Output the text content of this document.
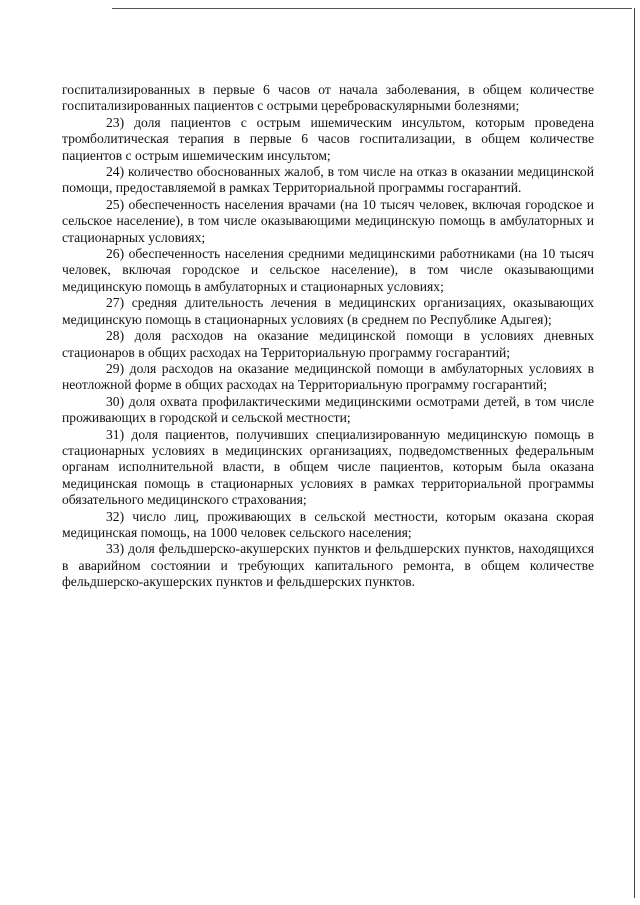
госпитализированных в первые 6 часов от начала заболевания, в общем количестве госпитализированных пациентов с острыми цереброваскулярными болезнями;

23) доля пациентов с острым ишемическим инсультом, которым проведена тромболитическая терапия в первые 6 часов госпитализации, в общем количестве пациентов с острым ишемическим инсультом;

24) количество обоснованных жалоб, в том числе на отказ в оказании медицинской помощи, предоставляемой в рамках Территориальной программы госгарантий.

25) обеспеченность населения врачами (на 10 тысяч человек, включая городское и сельское население), в том числе оказывающими медицинскую помощь в амбулаторных и стационарных условиях;

26) обеспеченность населения средними медицинскими работниками (на 10 тысяч человек, включая городское и сельское население), в том числе оказывающими медицинскую помощь в амбулаторных и стационарных условиях;

27) средняя длительность лечения в медицинских организациях, оказывающих медицинскую помощь в стационарных условиях (в среднем по Республике Адыгея);

28) доля расходов на оказание медицинской помощи в условиях дневных стационаров в общих расходах на Территориальную программу госгарантий;

29) доля расходов на оказание медицинской помощи в амбулаторных условиях в неотложной форме в общих расходах на Территориальную программу госгарантий;

30) доля охвата профилактическими медицинскими осмотрами детей, в том числе проживающих в городской и сельской местности;

31) доля пациентов, получивших специализированную медицинскую помощь в стационарных условиях в медицинских организациях, подведомственных федеральным органам исполнительной власти, в общем числе пациентов, которым была оказана медицинская помощь в стационарных условиях в рамках территориальной программы обязательного медицинского страхования;

32) число лиц, проживающих в сельской местности, которым оказана скорая медицинская помощь, на 1000 человек сельского населения;

33) доля фельдшерско-акушерских пунктов и фельдшерских пунктов, находящихся в аварийном состоянии и требующих капитального ремонта, в общем количестве фельдшерско-акушерских пунктов и фельдшерских пунктов.
